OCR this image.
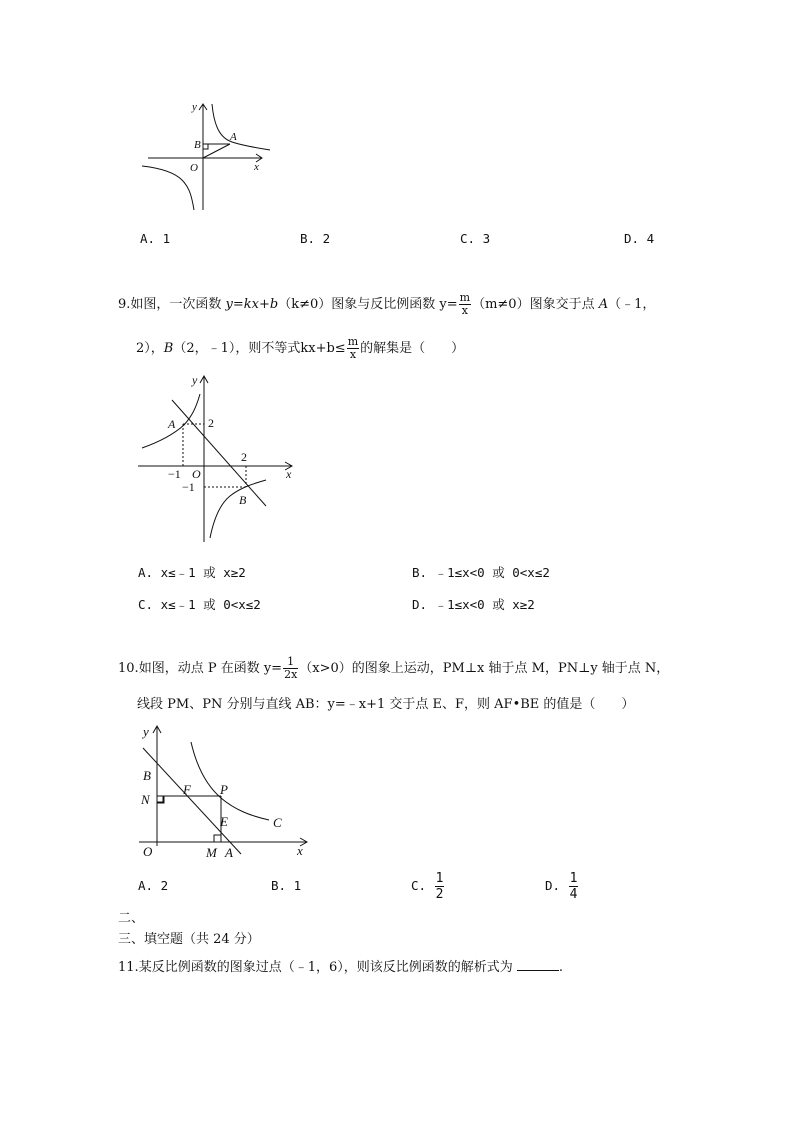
y
x
O
A
B
A. 1	B. 2	C. 3	D. 4
9.如图，一次函数 y=kx+b（k≠0）图象与反比例函数 $y= \frac{m}{x} (m\ne 0)$图象交于点 A（﹣1，
2），B（2，﹣1），则不等式$kx+b\le \frac{m}{x}$ 的解集是（　　）
y
x
O
A
B
2
2
−1
−1
A. x≤﹣1 或 x≥2	B. ﹣1≤x<0 或 0<x≤2
C. x≤﹣1 或 0<x≤2	D. ﹣1≤x<0 或 x≥2
10.如图，动点 P 在函数 $y= \frac{1}{2x} (x>0)$的图象上运动，PM⊥x 轴于点 M，PN⊥y 轴于点 N，
线段 PM、PN 分别与直线 AB：y=﹣x+1 交于点 E、F，则 AF•BE 的值是（　　）
y
x
O
B
N
F P
E
M A
C
A. 2	B. 1	C. $\frac{1}{2}$	D. $\frac{1}{4}$
二、
三、填空题（共 24 分）
11.某反比例函数的图象过点（﹣1，6），则该反比例函数的解析式为	.
